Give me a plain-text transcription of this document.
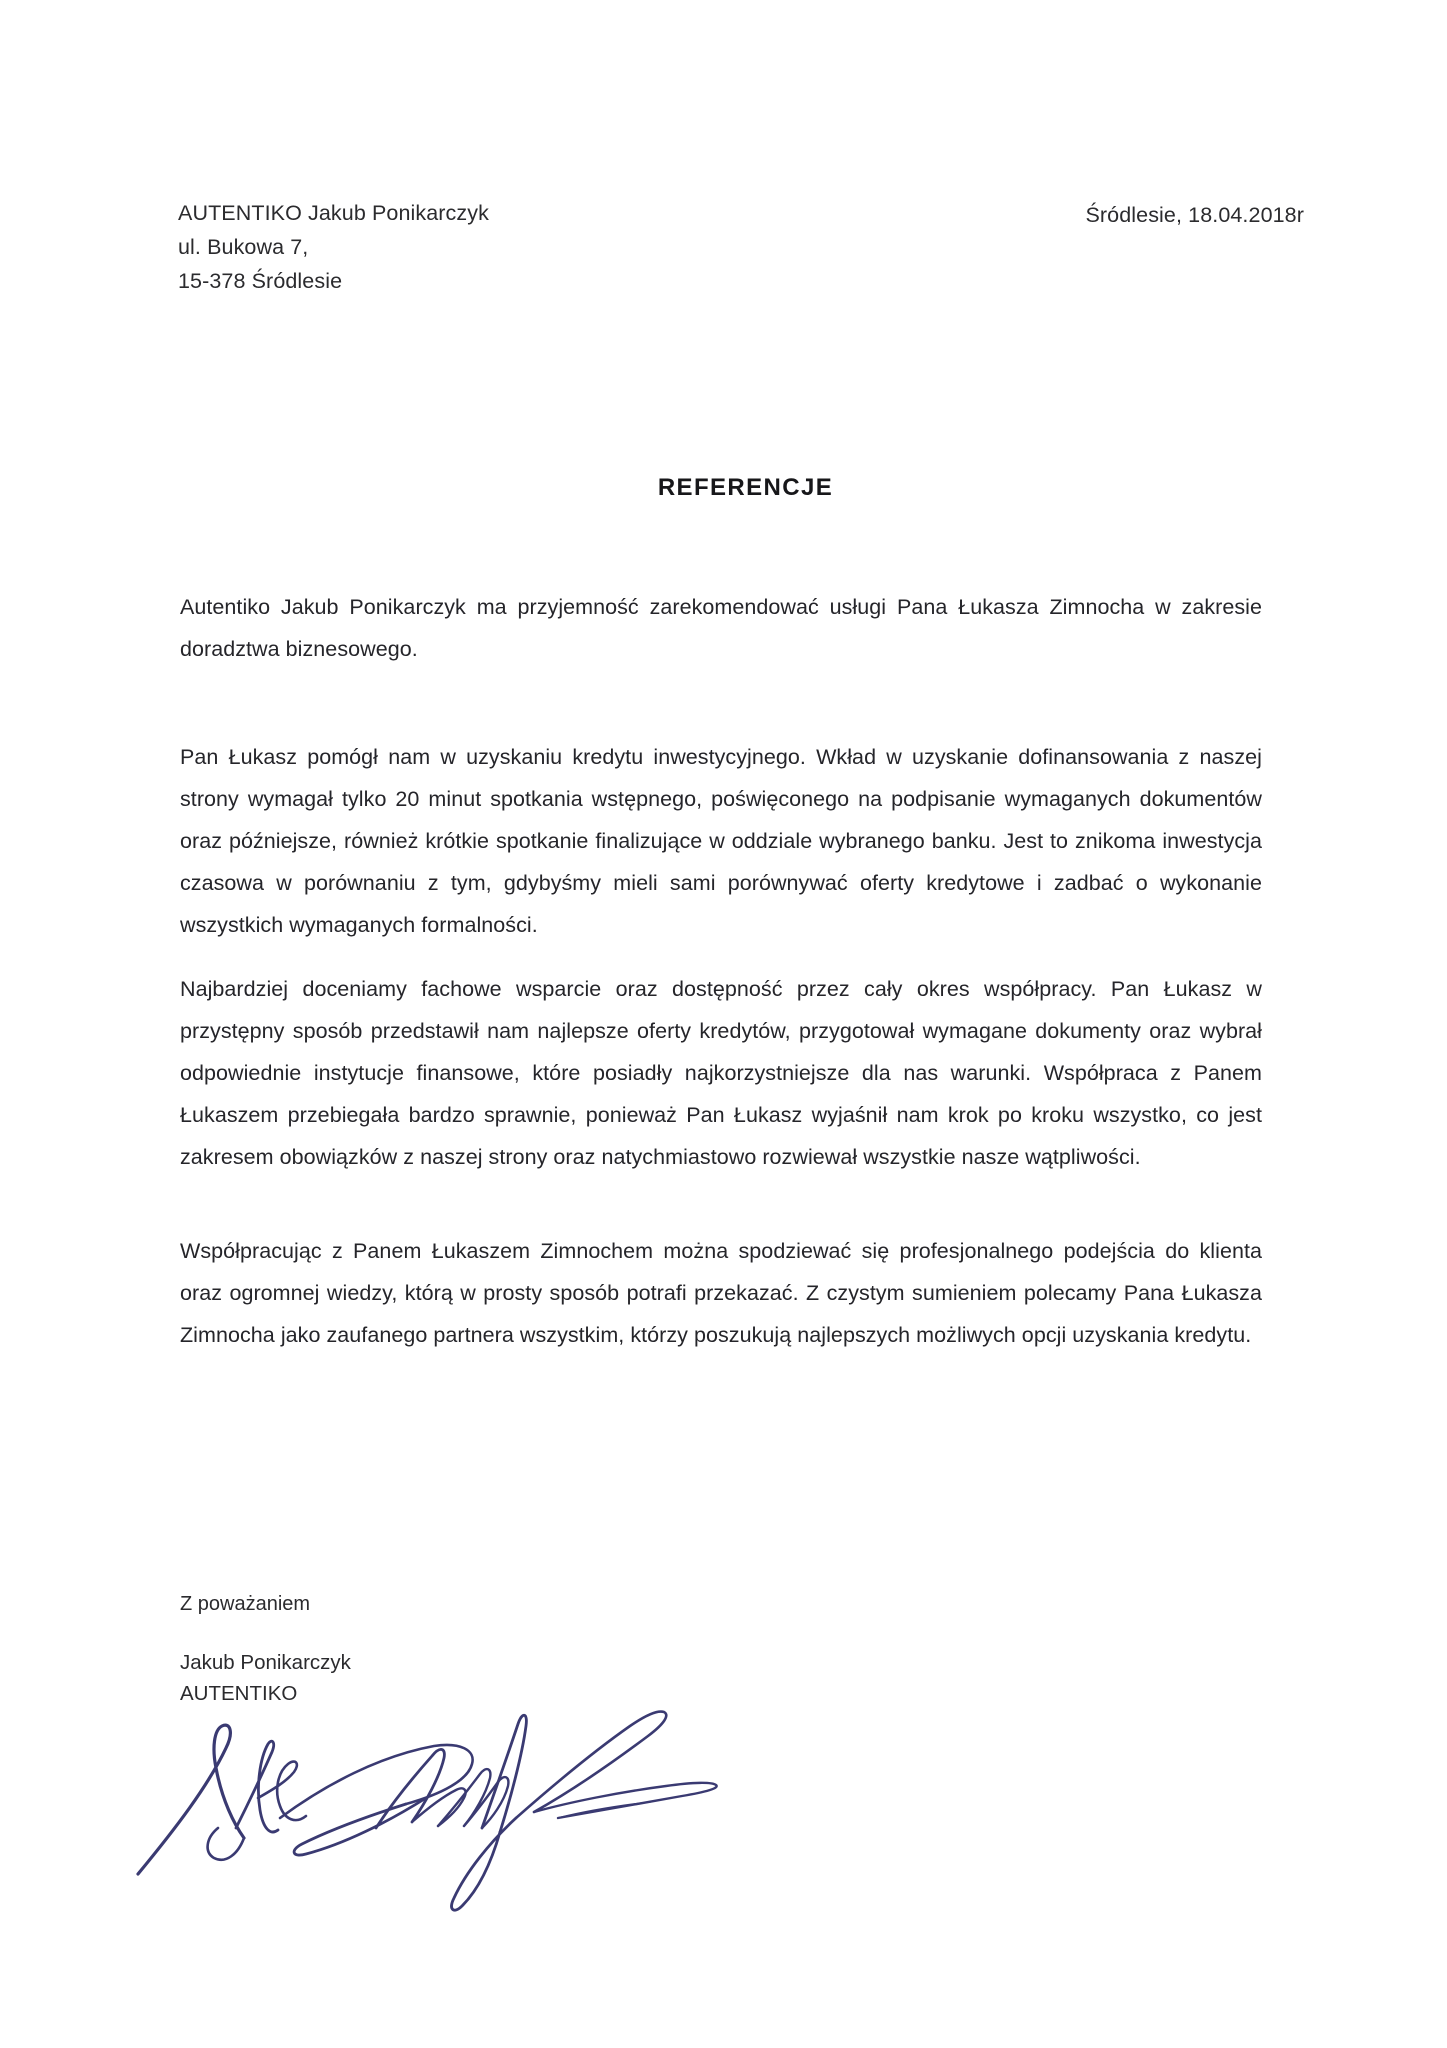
AUTENTIKO Jakub Ponikarczyk
ul. Bukowa 7,
15-378 Śródlesie
Śródlesie, 18.04.2018r
REFERENCJE

Autentiko Jakub Ponikarczyk ma przyjemność zarekomendować usługi Pana Łukasza Zimnocha w zakresie doradztwa biznesowego.

Pan Łukasz pomógł nam w uzyskaniu kredytu inwestycyjnego. Wkład w uzyskanie dofinansowania z naszej strony wymagał tylko 20 minut spotkania wstępnego, poświęconego na podpisanie wymaganych dokumentów oraz późniejsze, również krótkie spotkanie finalizujące w oddziale wybranego banku. Jest to znikoma inwestycja czasowa w porównaniu z tym, gdybyśmy mieli sami porównywać oferty kredytowe i zadbać o wykonanie wszystkich wymaganych formalności.

Najbardziej doceniamy fachowe wsparcie oraz dostępność przez cały okres współpracy. Pan Łukasz w przystępny sposób przedstawił nam najlepsze oferty kredytów, przygotował wymagane dokumenty oraz wybrał odpowiednie instytucje finansowe, które posiadły najkorzystniejsze dla nas warunki. Współpraca z Panem Łukaszem przebiegała bardzo sprawnie, ponieważ Pan Łukasz wyjaśnił nam krok po kroku wszystko, co jest zakresem obowiązków z naszej strony oraz natychmiastowo rozwiewał wszystkie nasze wątpliwości.

Współpracując z Panem Łukaszem Zimnochem można spodziewać się profesjonalnego podejścia do klienta oraz ogromnej wiedzy, którą w prosty sposób potrafi przekazać. Z czystym sumieniem polecamy Pana Łukasza Zimnocha jako zaufanego partnera wszystkim, którzy poszukują najlepszych możliwych opcji uzyskania kredytu.

Z poważaniem
Jakub Ponikarczyk
AUTENTIKO
